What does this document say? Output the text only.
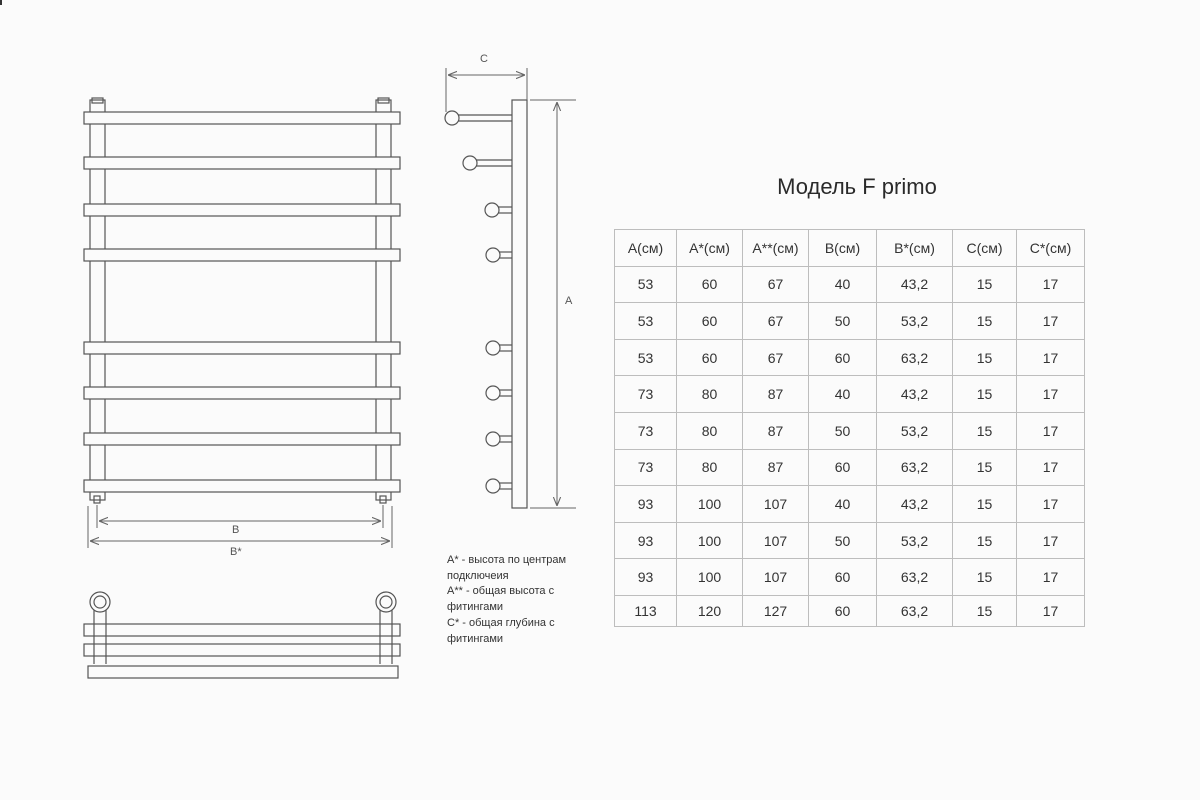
B
B*
C
A
Модель F primo
A(см)	A*(см)	A**(см)	B(см)	B*(см)	C(см)	C*(см)
53	60	67	40	43,2	15	17
53	60	67	50	53,2	15	17
53	60	67	60	63,2	15	17
73	80	87	40	43,2	15	17
73	80	87	50	53,2	15	17
73	80	87	60	63,2	15	17
93	100	107	40	43,2	15	17
93	100	107	50	53,2	15	17
93	100	107	60	63,2	15	17
113	120	127	60	63,2	15	17
A* - высота по центрам
подключеия
A** - общая высота с
фитингами
C* - общая глубина с
фитингами
